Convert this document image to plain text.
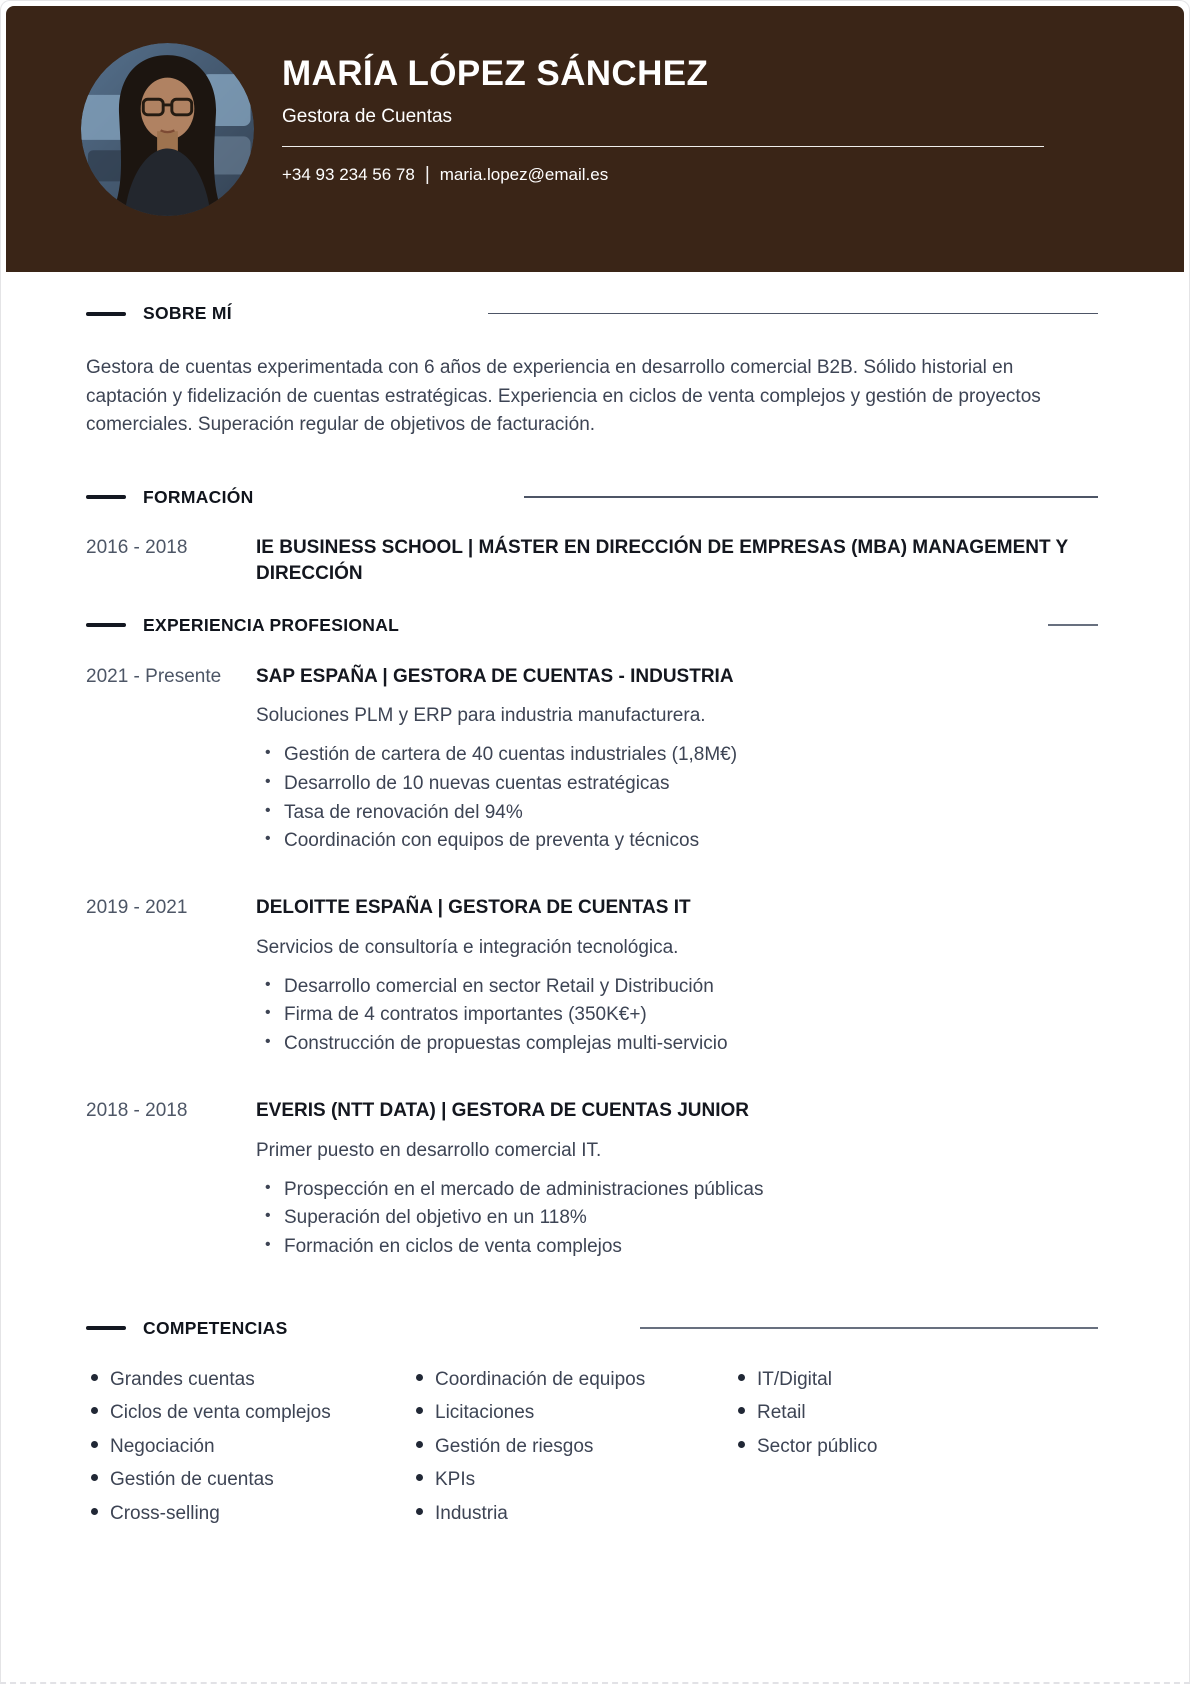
MARÍA LÓPEZ SÁNCHEZ
Gestora de Cuentas
+34 93 234 56 78 | maria.lopez@email.es
SOBRE MÍ

Gestora de cuentas experimentada con 6 años de experiencia en desarrollo comercial B2B. Sólido historial en captación y fidelización de cuentas estratégicas. Experiencia en ciclos de venta complejos y gestión de proyectos comerciales. Superación regular de objetivos de facturación.

FORMACIÓN
2016 - 2018	IE BUSINESS SCHOOL | MÁSTER EN DIRECCIÓN DE EMPRESAS (MBA) MANAGEMENT Y DIRECCIÓN
EXPERIENCIA PROFESIONAL
2021 - Presente	SAP ESPAÑA | GESTORA DE CUENTAS - INDUSTRIA
Soluciones PLM y ERP para industria manufacturera.
• Gestión de cartera de 40 cuentas industriales (1,8M€)
• Desarrollo de 10 nuevas cuentas estratégicas
• Tasa de renovación del 94%
• Coordinación con equipos de preventa y técnicos
2019 - 2021	DELOITTE ESPAÑA | GESTORA DE CUENTAS IT
Servicios de consultoría e integración tecnológica.
• Desarrollo comercial en sector Retail y Distribución
• Firma de 4 contratos importantes (350K€+)
• Construcción de propuestas complejas multi-servicio
2018 - 2018	EVERIS (NTT DATA) | GESTORA DE CUENTAS JUNIOR
Primer puesto en desarrollo comercial IT.
• Prospección en el mercado de administraciones públicas
• Superación del objetivo en un 118%
• Formación en ciclos de venta complejos
COMPETENCIAS
Grandes cuentas
Ciclos de venta complejos
Negociación
Gestión de cuentas
Cross-selling
Coordinación de equipos
Licitaciones
Gestión de riesgos
KPIs
Industria
IT/Digital
Retail
Sector público
